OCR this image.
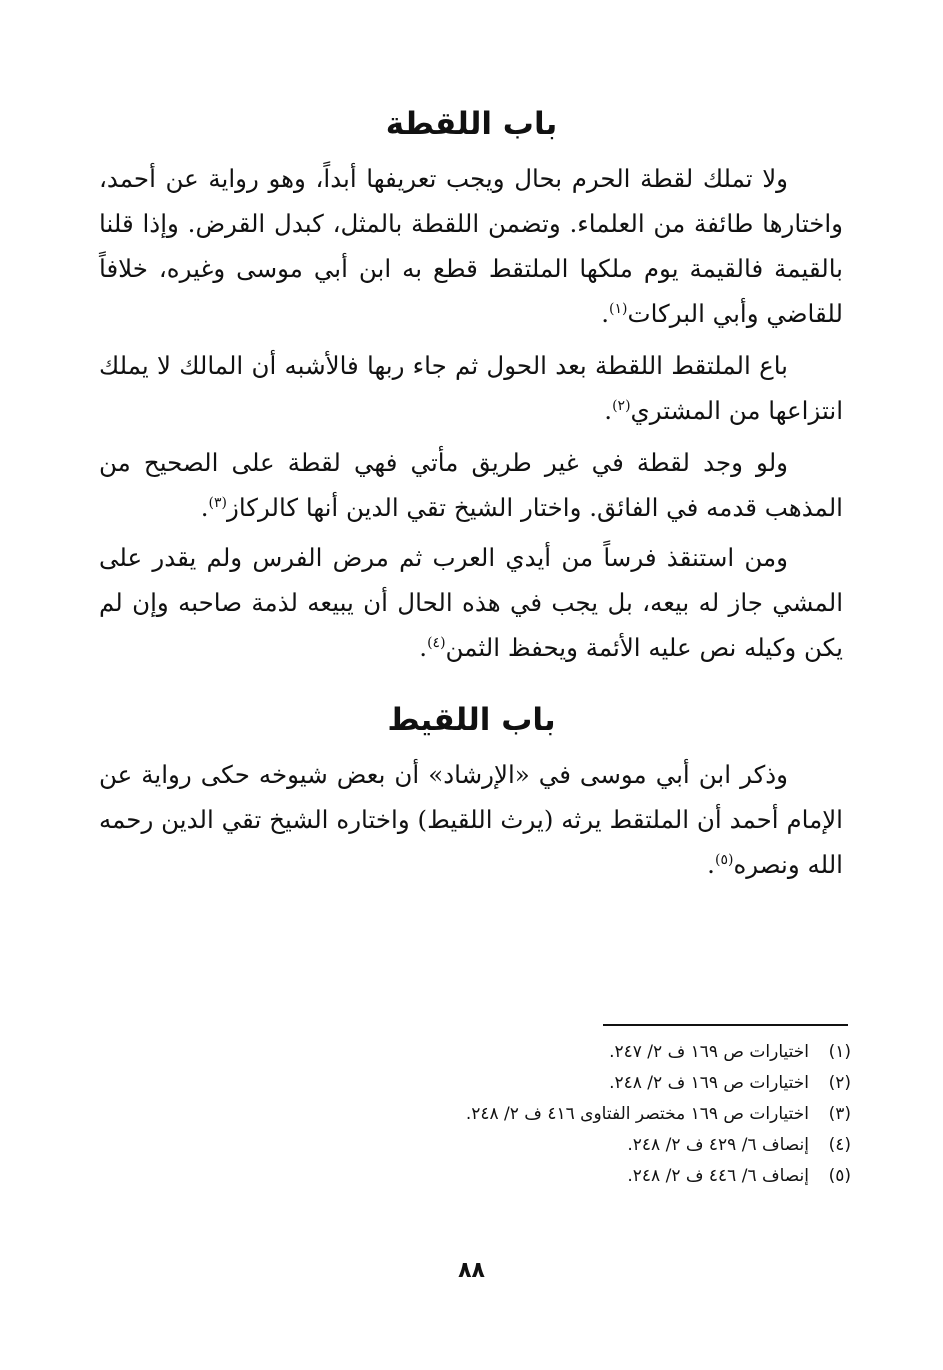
باب اللقطة

ولا تملك لقطة الحرم بحال ويجب تعريفها أبداً، وهو رواية عن أحمد، واختارها طائفة من العلماء. وتضمن اللقطة بالمثل، كبدل القرض. وإذا قلنا بالقيمة فالقيمة يوم ملكها الملتقط قطع به ابن أبي موسى وغيره، خلافاً للقاضي وأبي البركات$^{(١)}$.

باع الملتقط اللقطة بعد الحول ثم جاء ربها فالأشبه أن المالك لا يملك انتزاعها من المشتري$^{(٢)}$.

ولو وجد لقطة في غير طريق مأتي فهي لقطة على الصحيح من المذهب قدمه في الفائق. واختار الشيخ تقي الدين أنها كالركاز$^{(٣)}$.

ومن استنقذ فرساً من أيدي العرب ثم مرض الفرس ولم يقدر على المشي جاز له بيعه، بل يجب في هذه الحال أن يبيعه لذمة صاحبه وإن لم يكن وكيله نص عليه الأئمة ويحفظ الثمن$^{(٤)}$.

باب اللقيط

وذكر ابن أبي موسى في «الإرشاد» أن بعض شيوخه حكى رواية عن الإمام أحمد أن الملتقط يرثه (يرث اللقيط) واختاره الشيخ تقي الدين رحمه الله ونصره$^{(٥)}$.

(١)اختيارات ص ١٦٩ ف ٢/ ٢٤٧.
(٢)اختيارات ص ١٦٩ ف ٢/ ٢٤٨.
(٣)اختيارات ص ١٦٩ مختصر الفتاوى ٤١٦ ف ٢/ ٢٤٨.
(٤)إنصاف ٦/ ٤٢٩ ف ٢/ ٢٤٨.
(٥)إنصاف ٦/ ٤٤٦ ف ٢/ ٢٤٨.
٨٨
